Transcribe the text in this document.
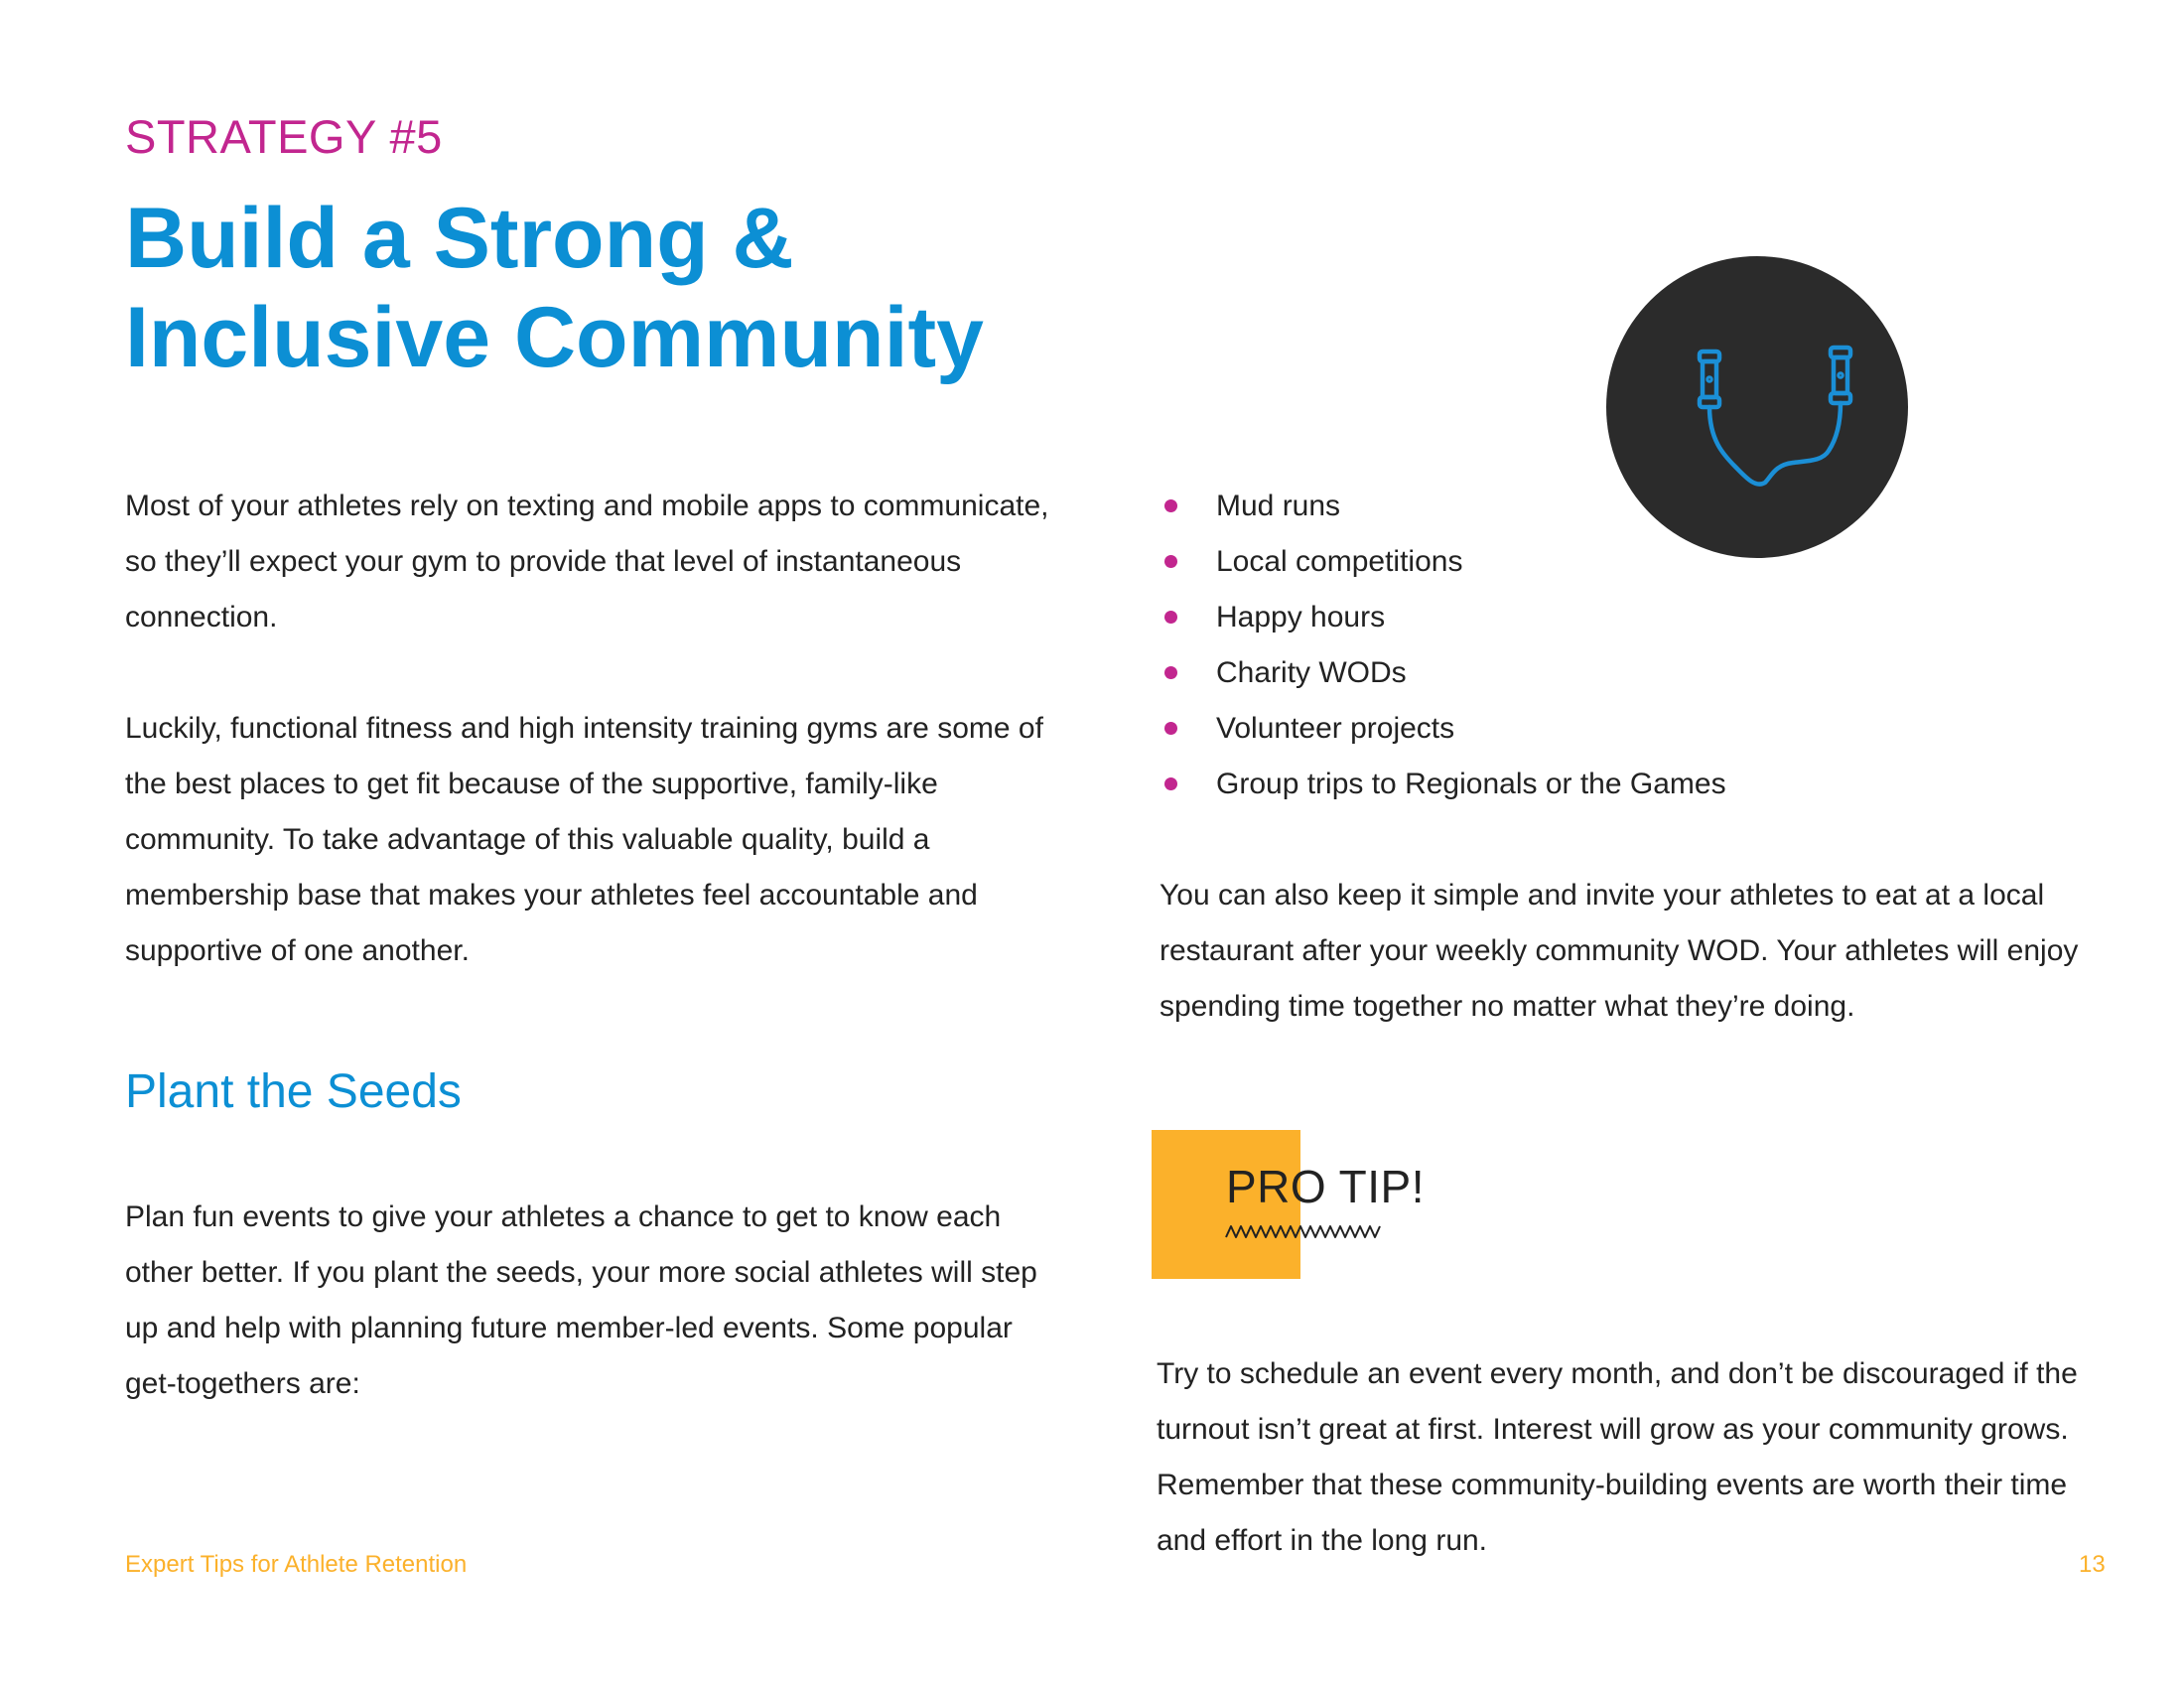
STRATEGY #5
Build a Strong & Inclusive Community

Most of your athletes rely on texting and mobile apps to communicate, so they’ll expect your gym to provide that level of instantaneous connection.

Luckily, functional fitness and high intensity training gyms are some of the best places to get fit because of the supportive, family-like community. To take advantage of this valuable quality, build a membership base that makes your athletes feel accountable and supportive of one another.

Plant the Seeds

Plan fun events to give your athletes a chance to get to know each other better. If you plant the seeds, your more social athletes will step up and help with planning future member-led events. Some popular get-togethers are:

Mud runs
Local competitions
Happy hours
Charity WODs
Volunteer projects
Group trips to Regionals or the Games

You can also keep it simple and invite your athletes to eat at a local restaurant after your weekly community WOD. Your athletes will enjoy spending time together no matter what they’re doing.

PRO TIP!

Try to schedule an event every month, and don’t be discouraged if the turnout isn’t great at first. Interest will grow as your community grows. Remember that these community-building events are worth their time and effort in the long run.

Expert Tips for Athlete Retention	13
